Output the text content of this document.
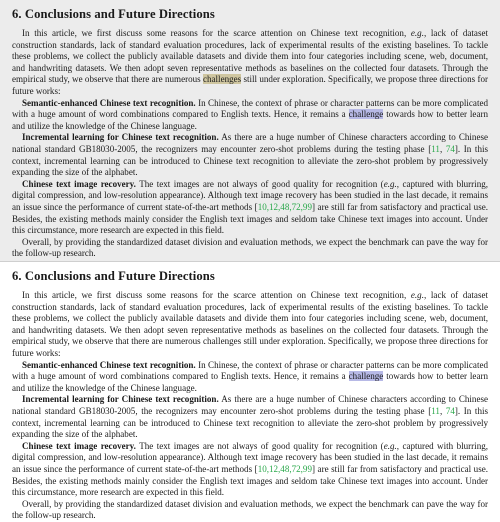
6. Conclusions and Future Directions

In this article, we first discuss some reasons for the scarce attention on Chinese text recognition, e.g., lack of dataset construction standards, lack of standard evaluation procedures, lack of experimental results of the existing baselines. To tackle these problems, we collect the publicly available datasets and divide them into four categories including scene, web, document, and handwriting datasets. We then adopt seven representative methods as baselines on the collected four datasets. Through the empirical study, we observe that there are numerous challenges still under exploration. Specifically, we propose three directions for future works:

Semantic-enhanced Chinese text recognition. In Chinese, the context of phrase or character patterns can be more complicated with a huge amount of word combinations compared to English texts. Hence, it remains a challenge towards how to better learn and utilize the knowledge of the Chinese language.

Incremental learning for Chinese text recognition. As there are a huge number of Chinese characters according to Chinese national standard GB18030-2005, the recognizers may encounter zero-shot problems during the testing phase [11, 74]. In this context, incremental learning can be introduced to Chinese text recognition to alleviate the zero-shot problem by progressively expanding the size of the alphabet.

Chinese text image recovery. The text images are not always of good quality for recognition (e.g., captured with blurring, digital compression, and low-resolution appearance). Although text image recovery has been studied in the last decade, it remains an issue since the performance of current state-of-the-art methods [10,12,48,72,99] are still far from satisfactory and practical use. Besides, the existing methods mainly consider the English text images and seldom take Chinese text images into account. Under this circumstance, more research are expected in this field.

Overall, by providing the standardized dataset division and evaluation methods, we expect the benchmark can pave the way for the follow-up research.

6. Conclusions and Future Directions

In this article, we first discuss some reasons for the scarce attention on Chinese text recognition, e.g., lack of dataset construction standards, lack of standard evaluation procedures, lack of experimental results of the existing baselines. To tackle these problems, we collect the publicly available datasets and divide them into four categories including scene, web, document, and handwriting datasets. We then adopt seven representative methods as baselines on the collected four datasets. Through the empirical study, we observe that there are numerous challenges still under exploration. Specifically, we propose three directions for future works:

Semantic-enhanced Chinese text recognition. In Chinese, the context of phrase or character patterns can be more complicated with a huge amount of word combinations compared to English texts. Hence, it remains a challenge towards how to better learn and utilize the knowledge of the Chinese language.

Incremental learning for Chinese text recognition. As there are a huge number of Chinese characters according to Chinese national standard GB18030-2005, the recognizers may encounter zero-shot problems during the testing phase [11, 74]. In this context, incremental learning can be introduced to Chinese text recognition to alleviate the zero-shot problem by progressively expanding the size of the alphabet.

Chinese text image recovery. The text images are not always of good quality for recognition (e.g., captured with blurring, digital compression, and low-resolution appearance). Although text image recovery has been studied in the last decade, it remains an issue since the performance of current state-of-the-art methods [10,12,48,72,99] are still far from satisfactory and practical use. Besides, the existing methods mainly consider the English text images and seldom take Chinese text images into account. Under this circumstance, more research are expected in this field.

Overall, by providing the standardized dataset division and evaluation methods, we expect the benchmark can pave the way for the follow-up research.
